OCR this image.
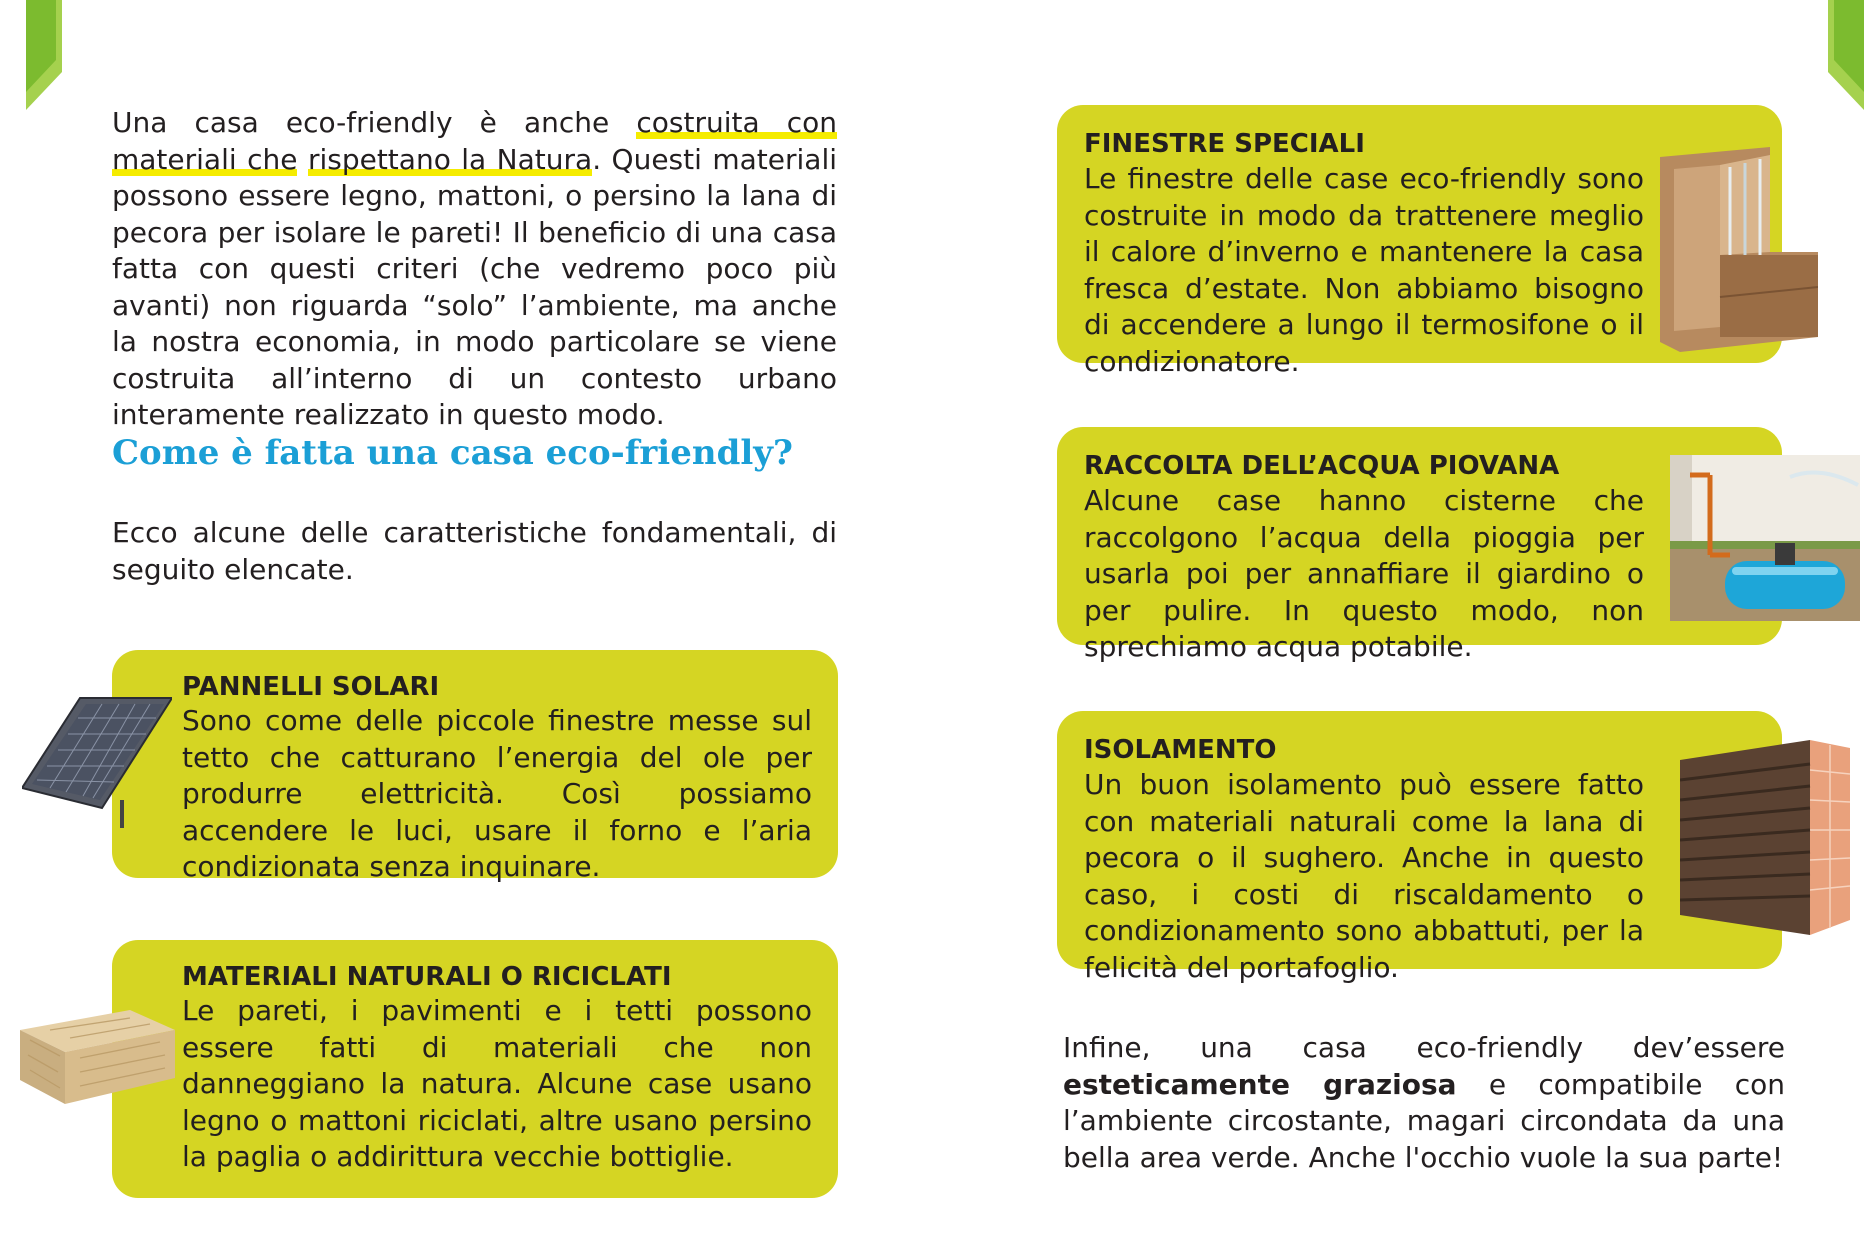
Una casa eco-friendly è anche costruita con materiali che rispettano la Natura. Questi materiali possono essere legno, mattoni, o persino la lana di pecora per isolare le pareti! Il beneficio di una casa fatta con questi criteri (che vedremo poco più avanti) non riguarda “solo” l’ambiente, ma anche la nostra economia, in modo particolare se viene costruita all’interno di un contesto urbano interamente realizzato in questo modo.

Come è fatta una casa eco-friendly?

Ecco alcune delle caratteristiche fondamentali, di seguito elencate.

PANNELLI SOLARI

Sono come delle piccole finestre messe sul tetto che catturano l’energia del ole per produrre elettricità. Così possiamo accendere le luci, usare il forno e l’aria condizionata senza inquinare.

MATERIALI NATURALI O RICICLATI

Le pareti, i pavimenti e i tetti possono essere fatti di materiali che non danneggiano la natura. Alcune case usano legno o mattoni riciclati, altre usano persino la paglia o addirittura vecchie bottiglie.

FINESTRE SPECIALI

Le finestre delle case eco-friendly sono costruite in modo da trattenere meglio il calore d’inverno e mantenere la casa fresca d’estate. Non abbiamo bisogno di accendere a lungo il termosifone o il condizionatore.

RACCOLTA DELL’ACQUA PIOVANA

Alcune case hanno cisterne che raccolgono l’acqua della pioggia per usarla poi per annaffiare il giardino o per pulire. In questo modo, non sprechiamo acqua potabile.

ISOLAMENTO

Un buon isolamento può essere fatto con materiali naturali come la lana di pecora o il sughero. Anche in questo caso, i costi di riscaldamento o condizionamento sono abbattuti, per la felicità del portafoglio.

Infine, una casa eco-friendly dev’essere esteticamente graziosa e compatibile con l’ambiente circostante, magari circondata da una bella area verde. Anche l'occhio vuole la sua parte!
